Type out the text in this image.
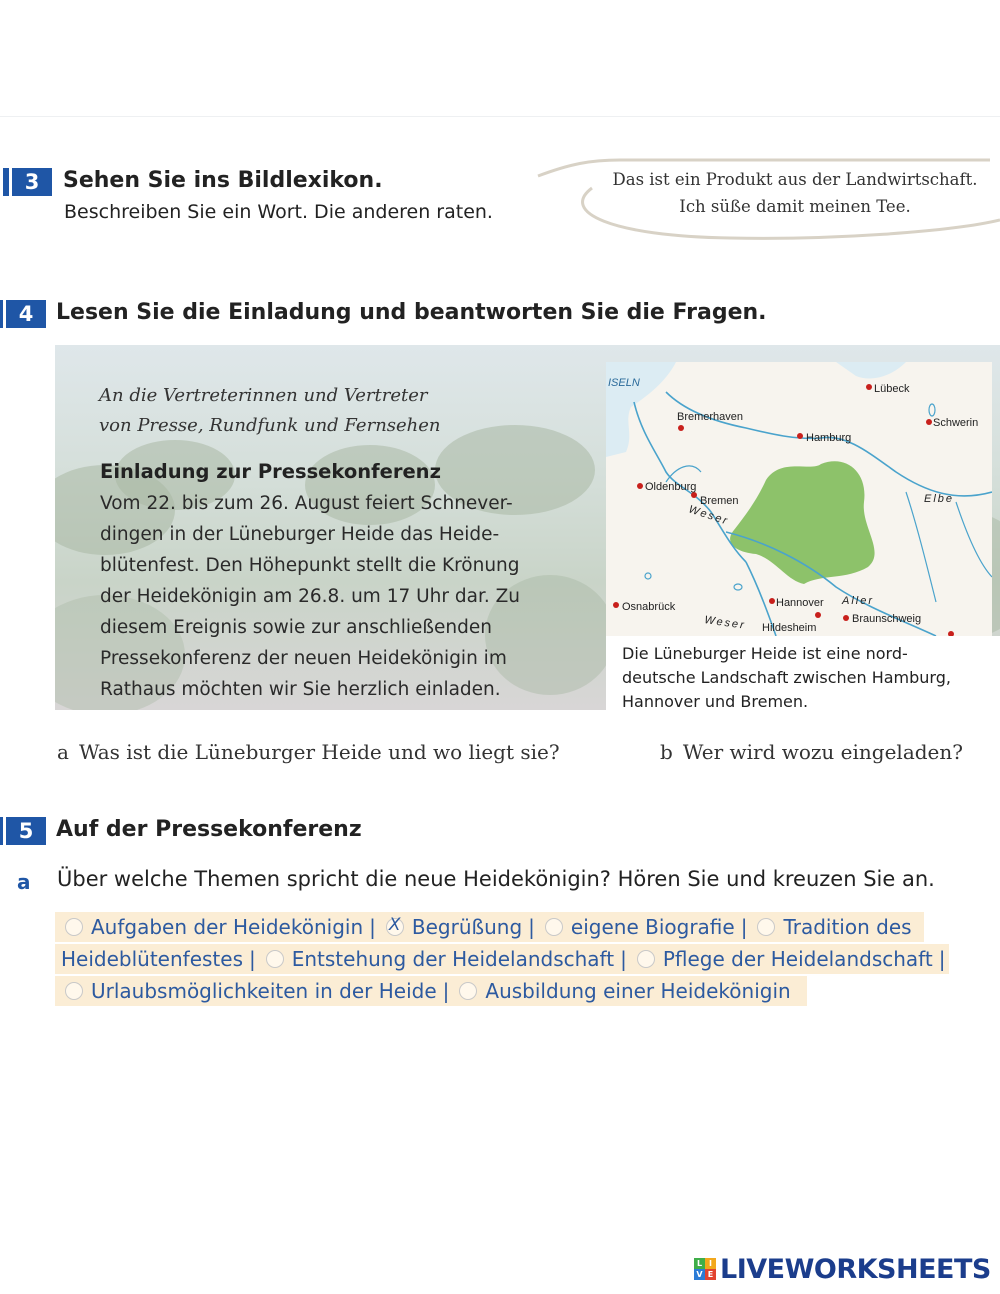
3	Sehen Sie ins Bildlexikon.
Beschreiben Sie ein Wort. Die anderen raten.
Das ist ein Produkt aus der Landwirtschaft.
Ich süße damit meinen Tee.
4	Lesen Sie die Einladung und beantworten Sie die Fragen.
An die Vertreterinnen und Vertreter
von Presse, Rundfunk und Fernsehen
Einladung zur Pressekonferenz
Vom 22. bis zum 26. August feiert Schnever-
dingen in der Lüneburger Heide das Heide-
blütenfest. Den Höhepunkt stellt die Krönung
der Heidekönigin am 26.8. um 17 Uhr dar. Zu
diesem Ereignis sowie zur anschließenden
Pressekonferenz der neuen Heidekönigin im
Rathaus möchten wir Sie herzlich einladen.
ISELN	Lübeck
Schwerin
Bremerhaven
Hamburg
Oldenburg
Bremen	Elbe
Weser
Osnabrück	Hannover Aller
Weser Hildesheim
Braunschweig
Die Lüneburger Heide ist eine nord-
deutsche Landschaft zwischen Hamburg,
Hannover und Bremen.
a Was ist die Lüneburger Heide und wo liegt sie?	b Wer wird wozu eingeladen?
5	Auf der Pressekonferenz
a Über welche Themen spricht die neue Heidekönigin? Hören Sie und kreuzen Sie an.
Aufgaben der Heidekönigin |
X Begrüßung | eigene Biografie | Tradition des
Heideblütenfestes | Entstehung der Heidelandschaft | Pflege der Heidelandschaft |
Urlaubsmöglichkeiten in der Heide | Ausbildung einer Heidekönigin
L I
V E LIVEWORKSHEETS
